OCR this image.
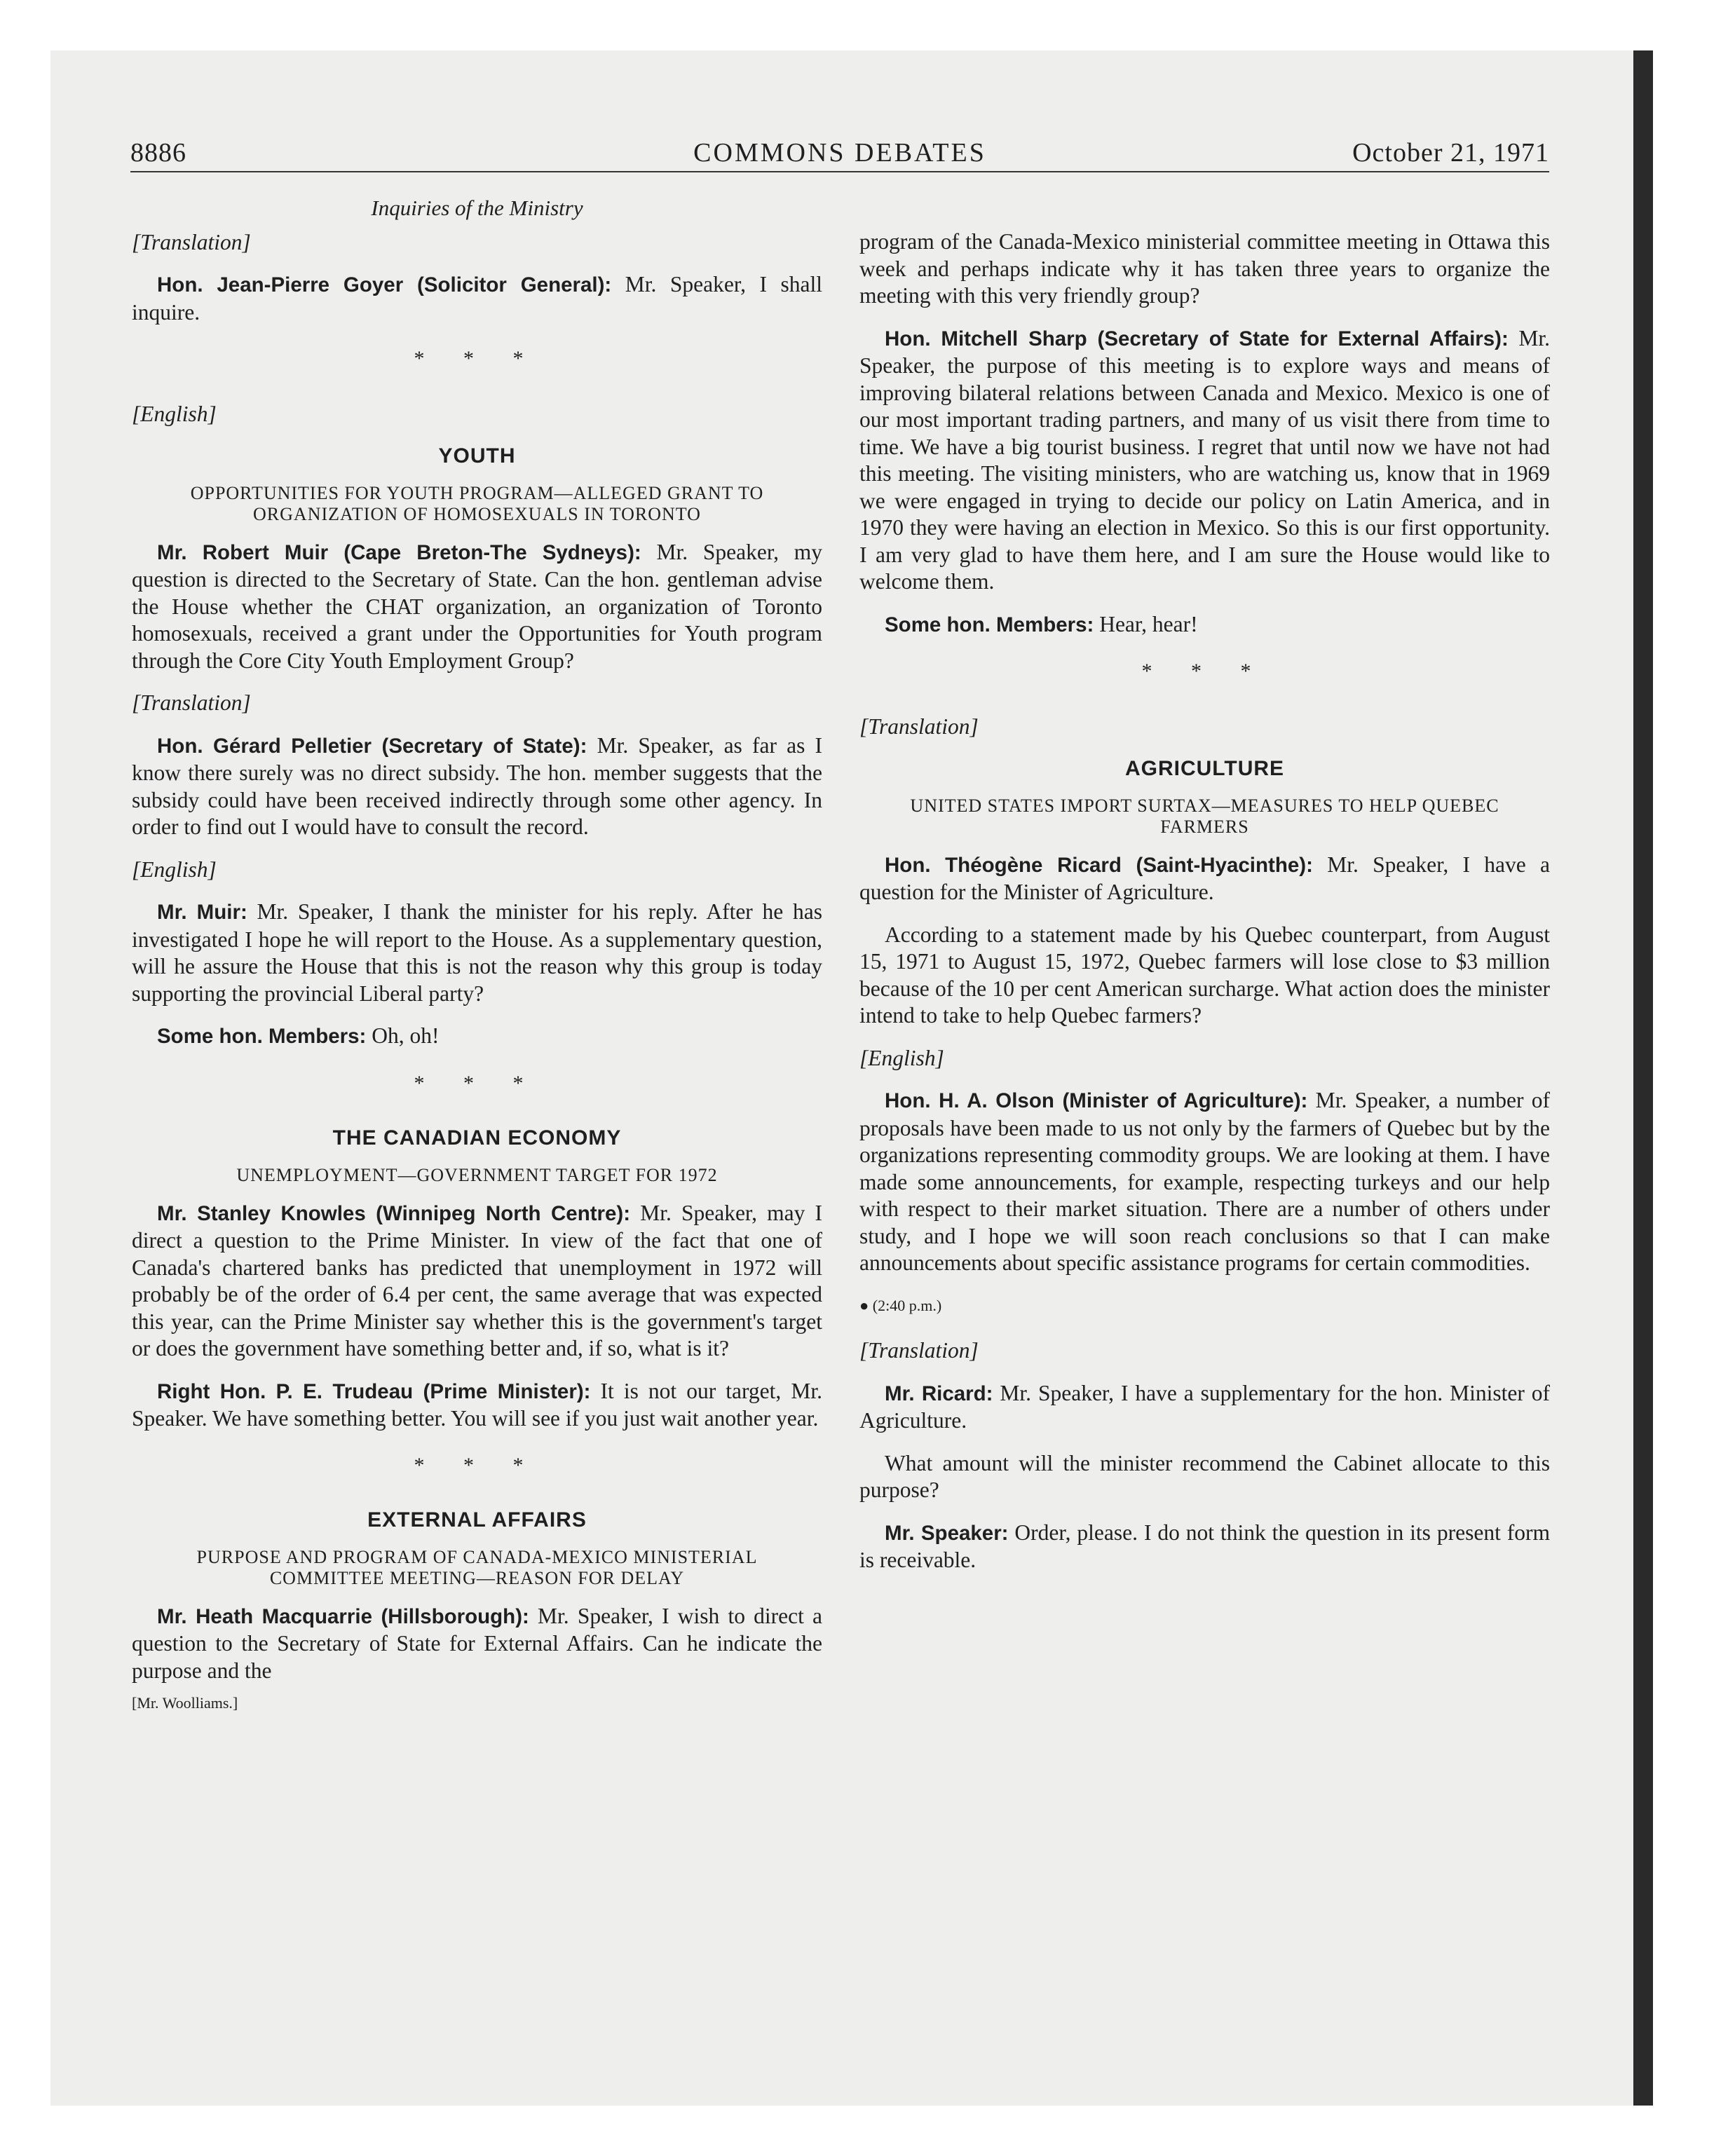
8886	COMMONS DEBATES	October 21, 1971
Inquiries of the Ministry

[Translation]

Hon. Jean-Pierre Goyer (Solicitor General): Mr. Speaker, I shall inquire.

* * *

[English]

YOUTH
OPPORTUNITIES FOR YOUTH PROGRAM—ALLEGED GRANT TO ORGANIZATION OF HOMOSEXUALS IN TORONTO

Mr. Robert Muir (Cape Breton-The Sydneys): Mr. Speaker, my question is directed to the Secretary of State. Can the hon. gentleman advise the House whether the CHAT organization, an organization of Toronto homosexuals, received a grant under the Opportunities for Youth program through the Core City Youth Employment Group?

[Translation]

Hon. Gérard Pelletier (Secretary of State): Mr. Speaker, as far as I know there surely was no direct subsidy. The hon. member suggests that the subsidy could have been received indirectly through some other agency. In order to find out I would have to consult the record.

[English]

Mr. Muir: Mr. Speaker, I thank the minister for his reply. After he has investigated I hope he will report to the House. As a supplementary question, will he assure the House that this is not the reason why this group is today supporting the provincial Liberal party?

Some hon. Members: Oh, oh!

* * *
THE CANADIAN ECONOMY
UNEMPLOYMENT—GOVERNMENT TARGET FOR 1972

Mr. Stanley Knowles (Winnipeg North Centre): Mr. Speaker, may I direct a question to the Prime Minister. In view of the fact that one of Canada's chartered banks has predicted that unemployment in 1972 will probably be of the order of 6.4 per cent, the same average that was expected this year, can the Prime Minister say whether this is the government's target or does the government have something better and, if so, what is it?

Right Hon. P. E. Trudeau (Prime Minister): It is not our target, Mr. Speaker. We have something better. You will see if you just wait another year.

* * *
EXTERNAL AFFAIRS
PURPOSE AND PROGRAM OF CANADA-MEXICO MINISTERIAL COMMITTEE MEETING—REASON FOR DELAY

Mr. Heath Macquarrie (Hillsborough): Mr. Speaker, I wish to direct a question to the Secretary of State for External Affairs. Can he indicate the purpose and the

[Mr. Woolliams.]

program of the Canada-Mexico ministerial committee meeting in Ottawa this week and perhaps indicate why it has taken three years to organize the meeting with this very friendly group?

Hon. Mitchell Sharp (Secretary of State for External Affairs): Mr. Speaker, the purpose of this meeting is to explore ways and means of improving bilateral relations between Canada and Mexico. Mexico is one of our most important trading partners, and many of us visit there from time to time. We have a big tourist business. I regret that until now we have not had this meeting. The visiting ministers, who are watching us, know that in 1969 we were engaged in trying to decide our policy on Latin America, and in 1970 they were having an election in Mexico. So this is our first opportunity. I am very glad to have them here, and I am sure the House would like to welcome them.

Some hon. Members: Hear, hear!

* * *

[Translation]

AGRICULTURE
UNITED STATES IMPORT SURTAX—MEASURES TO HELP QUEBEC FARMERS

Hon. Théogène Ricard (Saint-Hyacinthe): Mr. Speaker, I have a question for the Minister of Agriculture.

According to a statement made by his Quebec counterpart, from August 15, 1971 to August 15, 1972, Quebec farmers will lose close to $3 million because of the 10 per cent American surcharge. What action does the minister intend to take to help Quebec farmers?

[English]

Hon. H. A. Olson (Minister of Agriculture): Mr. Speaker, a number of proposals have been made to us not only by the farmers of Quebec but by the organizations representing commodity groups. We are looking at them. I have made some announcements, for example, respecting turkeys and our help with respect to their market situation. There are a number of others under study, and I hope we will soon reach conclusions so that I can make announcements about specific assistance programs for certain commodities.

● (2:40 p.m.)

[Translation]

Mr. Ricard: Mr. Speaker, I have a supplementary for the hon. Minister of Agriculture.

What amount will the minister recommend the Cabinet allocate to this purpose?

Mr. Speaker: Order, please. I do not think the question in its present form is receivable.
